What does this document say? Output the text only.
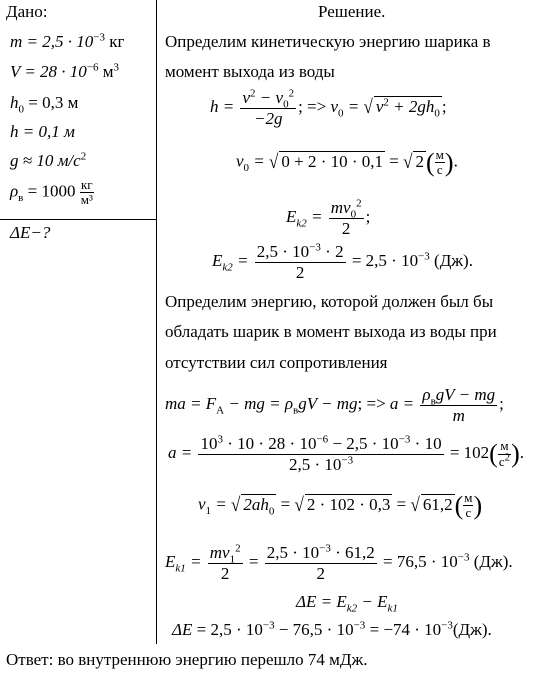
Дано:
$m = 2,5 \cdot 10^{-3}$ кг
$V = 28 \cdot 10^{-6}$ $м^3$
$h_0 = 0,3$ м
h = 0,1 м
g ≈ 10 $м/с^2$
$\rho_в = 1000$ кг
м³
ΔE−?
Решение.
Определим кинетическую энергию шарика в
момент выхода из воды
$h = \frac{v^2 - v_0^2}{-2g}$ ; => $v_0$ = √ $v^2 + 2gh_0$ ;
$v_0$ = √ 0 + 2 · 10 · 0,1 = √ 2( м
с ).
$E_{k2} = \frac{mv_0^2}{2}$ ;
$E_{k2} = \frac{2,5 \cdot 10^{-3} \cdot 2}{2} = 2,5 \cdot 10^{-3}$ (Дж).
Определим энергию, которой должен был бы
обладать шарик в момент выхода из воды при
отсутствии сил сопротивления
ma = $F_A$ − mg = $\rho_вgV$ − mg; => $a = \frac{\rho_вgV - mg}{m}$ ;
$a = \frac{10^3 \cdot 10 \cdot 28 \cdot 10^{-6} - 2,5 \cdot 10^{-3} \cdot 10}{2,5 \cdot 10^{-3}} = 102$( м
$с^2$ ).
$v_1$ = √ $2ah_0$ = √ 2 · 102 · 0,3 = √ 61,2( м
с )
$E_{k1} = \frac{mv_1^2}{2} = \frac{2,5 \cdot 10^{-3} \cdot 61,2}{2} = 76,5 \cdot 10^{-3}$ (Дж).
$\Delta E = E_{k2} - E_{k1}$
$\Delta E = 2,5 \cdot 10^{-3} - 76,5 \cdot 10^{-3} = -74 \cdot 10^{-3}(Дж)$.
Ответ: во внутреннюю энергию перешло 74 мДж.
